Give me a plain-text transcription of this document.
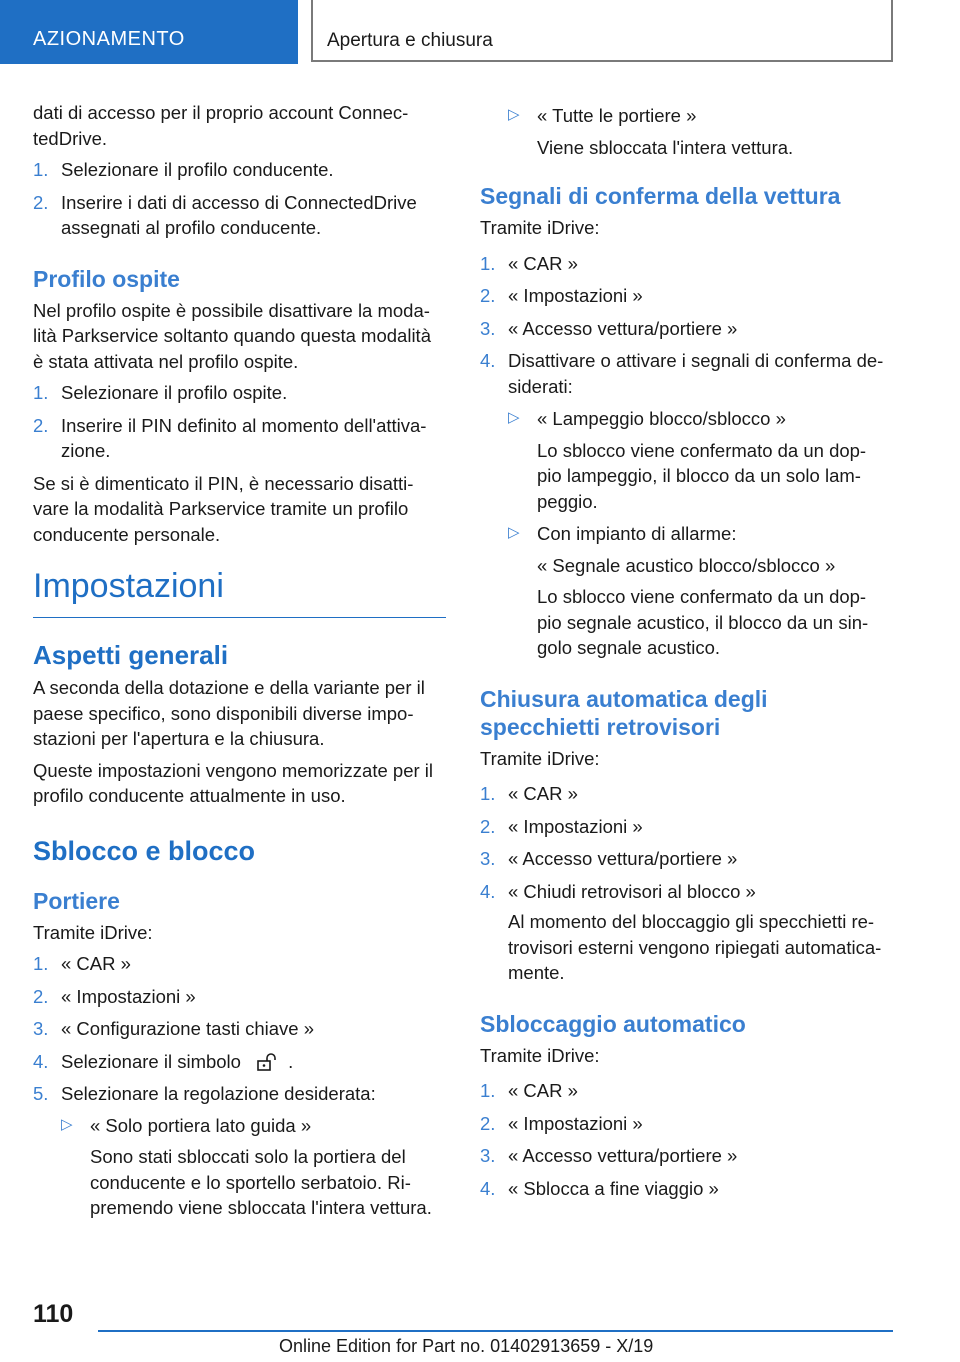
AZIONAMENTO	Apertura e chiusura

dati di accesso per il proprio account Connec- tedDrive.

1. Selezionare il profilo conducente.
2. Inserire i dati di accesso di ConnectedDrive assegnati al profilo conducente.
Profilo ospite

Nel profilo ospite è possibile disattivare la moda- lità Parkservice soltanto quando questa modalità è stata attivata nel profilo ospite.

1. Selezionare il profilo ospite.
2. Inserire il PIN definito al momento dell'attiva- zione.

Se si è dimenticato il PIN, è necessario disatti- vare la modalità Parkservice tramite un profilo conducente personale.

Impostazioni
Aspetti generali

A seconda della dotazione e della variante per il paese specifico, sono disponibili diverse impo- stazioni per l'apertura e la chiusura.

Queste impostazioni vengono memorizzate per il profilo conducente attualmente in uso.

Sblocco e blocco
Portiere

Tramite iDrive:

1. « CAR »
2. « Impostazioni »
3. « Configurazione tasti chiave »
4. Selezionare il simbolo	.
5. Selezionare la regolazione desiderata:
▷ « Solo portiera lato guida »

Sono stati sbloccati solo la portiera del conducente e lo sportello serbatoio. Ri- premendo viene sbloccata l'intera vettura.

▷ « Tutte le portiere »

Viene sbloccata l'intera vettura.

Segnali di conferma della vettura

Tramite iDrive:

1. « CAR »
2. « Impostazioni »
3. « Accesso vettura/portiere »
4. Disattivare o attivare i segnali di conferma de- siderati:
▷ « Lampeggio blocco/sblocco »

Lo sblocco viene confermato da un dop- pio lampeggio, il blocco da un solo lam- peggio.

▷ Con impianto di allarme:

« Segnale acustico blocco/sblocco »

Lo sblocco viene confermato da un dop- pio segnale acustico, il blocco da un sin- golo segnale acustico.

Chiusura automatica degli specchietti retrovisori

Tramite iDrive:

1. « CAR »
2. « Impostazioni »
3. « Accesso vettura/portiere »
4. « Chiudi retrovisori al blocco »

Al momento del bloccaggio gli specchietti re- trovisori esterni vengono ripiegati automatica- mente.

Sbloccaggio automatico

Tramite iDrive:

1. « CAR »
2. « Impostazioni »
3. « Accesso vettura/portiere »
4. « Sblocca a fine viaggio »
110
Online Edition for Part no. 01402913659 - X/19
